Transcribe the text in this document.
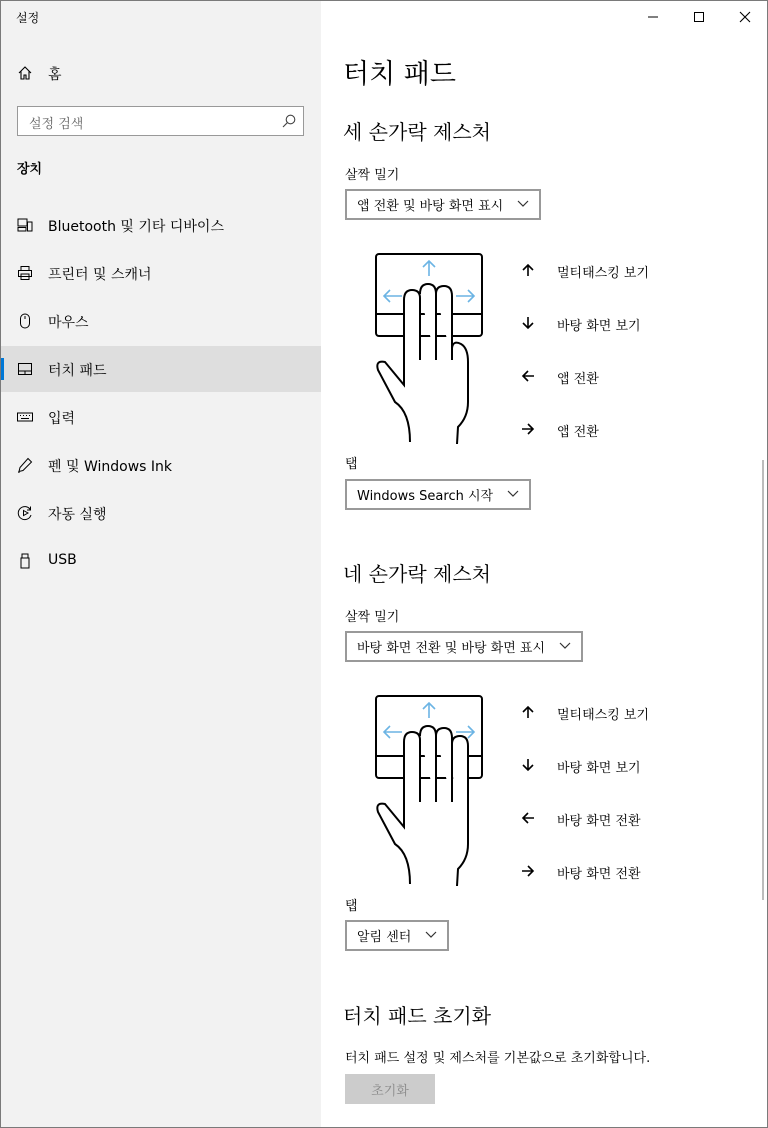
설정
홈
설정 검색
장치
Bluetooth 및 기타 디바이스
프린터 및 스캐너
마우스
터치 패드
입력
펜 및 Windows Ink
자동 실행
USB
터치 패드
세 손가락 제스처
살짝 밀기
앱 전환 및 바탕 화면 표시
멀티태스킹 보기
바탕 화면 보기
앱 전환
앱 전환
탭
Windows Search 시작
네 손가락 제스처
살짝 밀기
바탕 화면 전환 및 바탕 화면 표시
멀티태스킹 보기
바탕 화면 보기
바탕 화면 전환
바탕 화면 전환
탭
알림 센터
터치 패드 초기화
터치 패드 설정 및 제스처를 기본값으로 초기화합니다.
초기화
